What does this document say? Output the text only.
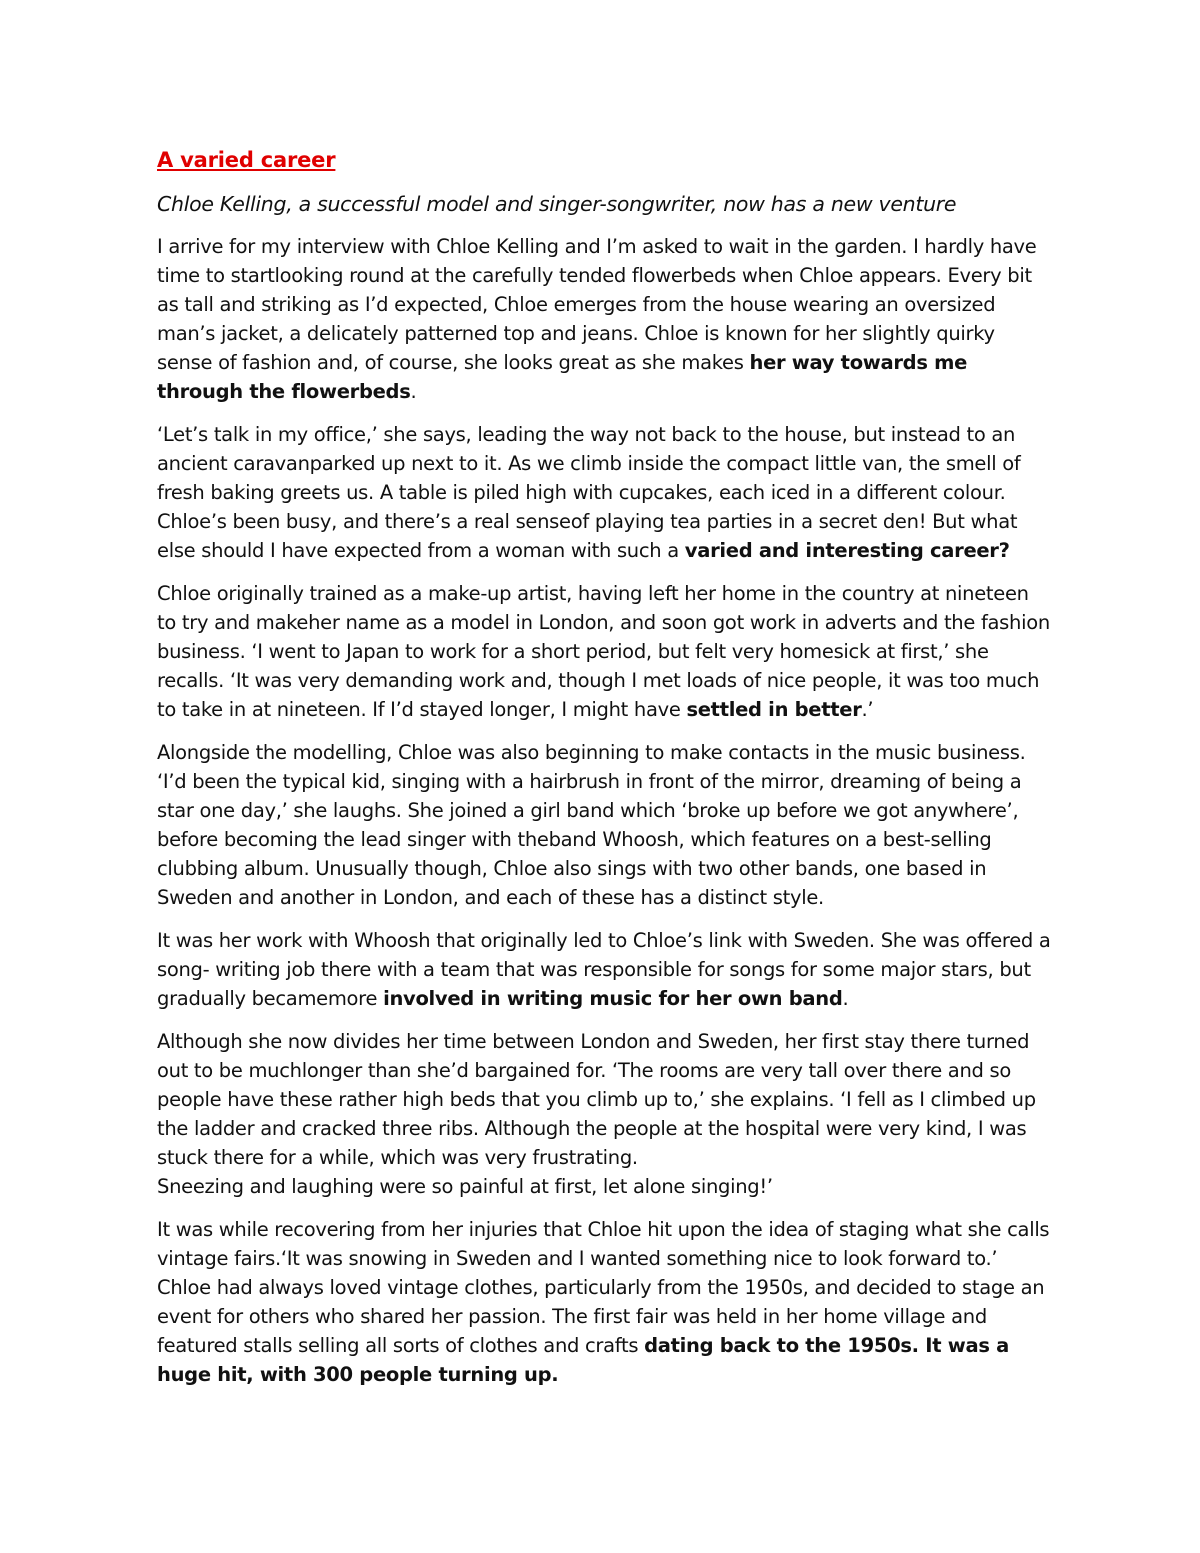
A varied career
Chloe Kelling, a successful model and singer-songwriter, now has a new venture

I arrive for my interview with Chloe Kelling and I’m asked to wait in the garden. I hardly have time to startlooking round at the carefully tended flowerbeds when Chloe appears. Every bit as tall and striking as I’d expected, Chloe emerges from the house wearing an oversized man’s jacket, a delicately patterned top and jeans. Chloe is known for her slightly quirky sense of fashion and, of course, she looks great as she makes her way towards me through the flowerbeds.

‘Let’s talk in my office,’ she says, leading the way not back to the house, but instead to an ancient caravanparked up next to it. As we climb inside the compact little van, the smell of fresh baking greets us. A table is piled high with cupcakes, each iced in a different colour. Chloe’s been busy, and there’s a real senseof playing tea parties in a secret den! But what else should I have expected from a woman with such a varied and interesting career?

Chloe originally trained as a make-up artist, having left her home in the country at nineteen to try and makeher name as a model in London, and soon got work in adverts and the fashion business. ‘I went to Japan to work for a short period, but felt very homesick at first,’ she recalls. ‘It was very demanding work and, though I met loads of nice people, it was too much to take in at nineteen. If I’d stayed longer, I might have settled in better.’

Alongside the modelling, Chloe was also beginning to make contacts in the music business. ‘I’d been the typical kid, singing with a hairbrush in front of the mirror, dreaming of being a star one day,’ she laughs. She joined a girl band which ‘broke up before we got anywhere’, before becoming the lead singer with theband Whoosh, which features on a best-selling clubbing album. Unusually though, Chloe also sings with two other bands, one based in Sweden and another in London, and each of these has a distinct style.

It was her work with Whoosh that originally led to Chloe’s link with Sweden. She was offered a song- writing job there with a team that was responsible for songs for some major stars, but gradually becamemore involved in writing music for her own band.

Although she now divides her time between London and Sweden, her first stay there turned out to be muchlonger than she’d bargained for. ‘The rooms are very tall over there and so people have these rather high beds that you climb up to,’ she explains. ‘I fell as I climbed up the ladder and cracked three ribs. Although the people at the hospital were very kind, I was stuck there for a while, which was very frustrating.

Sneezing and laughing were so painful at first, let alone singing!’

It was while recovering from her injuries that Chloe hit upon the idea of staging what she calls vintage fairs.‘It was snowing in Sweden and I wanted something nice to look forward to.’ Chloe had always loved vintage clothes, particularly from the 1950s, and decided to stage an event for others who shared her passion. The first fair was held in her home village and featured stalls selling all sorts of clothes and crafts dating back to the 1950s. It was a huge hit, with 300 people turning up.
